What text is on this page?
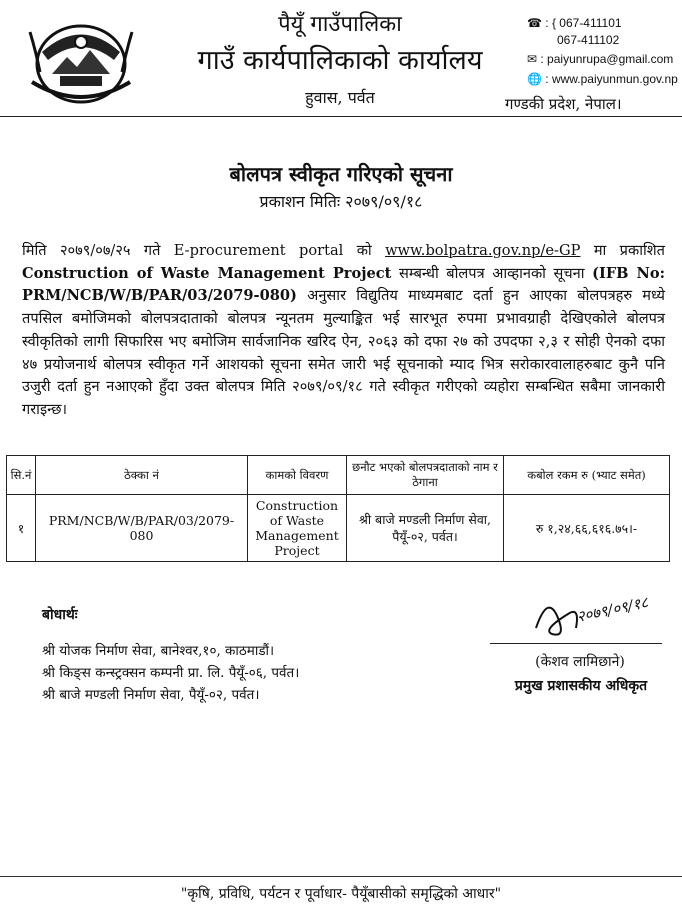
पैयूँ गाउँपालिका
गाउँ कार्यपालिकाको कार्यालय
हुवास, पर्वत
☎ : { 067-411101
067-411102
✉ : paiyunrupa@gmail.com
🌐 : www.paiyunmun.gov.np
गण्डकी प्रदेश, नेपाल।
बोलपत्र स्वीकृत गरिएको सूचना
प्रकाशन मितिः २०७९/०९/१८
मिति २०७९/०७/२५ गते E-procurement portal को www.bolpatra.gov.np/e-GP मा प्रकाशित Construction of Waste Management Project सम्बन्धी बोलपत्र आव्हानको सूचना (IFB No: PRM/NCB/W/B/PAR/03/2079-080) अनुसार विद्युतिय माध्यमबाट दर्ता हुन आएका बोलपत्रहरु मध्ये तपसिल बमोजिमको बोलपत्रदाताको बोलपत्र न्यूनतम मुल्याङ्कित भई सारभूत रुपमा प्रभावग्राही देखिएकोले बोलपत्र स्वीकृतिको लागी सिफारिस भए बमोजिम सार्वजानिक खरिद ऐन, २०६३ को दफा २७ को उपदफा २,३ र सोही ऐनको दफा ४७ प्रयोजनार्थ बोलपत्र स्वीकृत गर्ने आशयको सूचना समेत जारी भई सूचनाको म्याद भित्र सरोकारवालाहरुबाट कुनै पनि उजुरी दर्ता हुन नआएको हुँदा उक्त बोलपत्र मिति २०७९/०९/१८ गते स्वीकृत गरीएको व्यहोरा सम्बन्धित सबैमा जानकारी गराइन्छ।
सि.नं	ठेक्का नं	कामको विवरण	छनौट भएको बोलपत्रदाताको नाम र ठेगाना	कबोल रकम रु (भ्याट समेत)
१	PRM/NCB/W/B/PAR/03/2079-080	Construction of Waste Management Project	श्री बाजे मण्डली निर्माण सेवा, पैयूँ-०२, पर्वत।	रु १,२४,६६,६१६.७५।-
बोधार्थः
श्री योजक निर्माण सेवा, बानेश्वर,१०, काठमाडौं।
श्री किङ्स कन्स्ट्रक्सन कम्पनी प्रा. लि. पैयूँ-०६, पर्वत।
श्री बाजे मण्डली निर्माण सेवा, पैयूँ-०२, पर्वत।
२०७९/०९/१८
(केशव लामिछाने)
प्रमुख प्रशासकीय अधिकृत
"कृषि, प्रविधि, पर्यटन र पूर्वाधार- पैयूँबासीको समृद्धिको आधार"
